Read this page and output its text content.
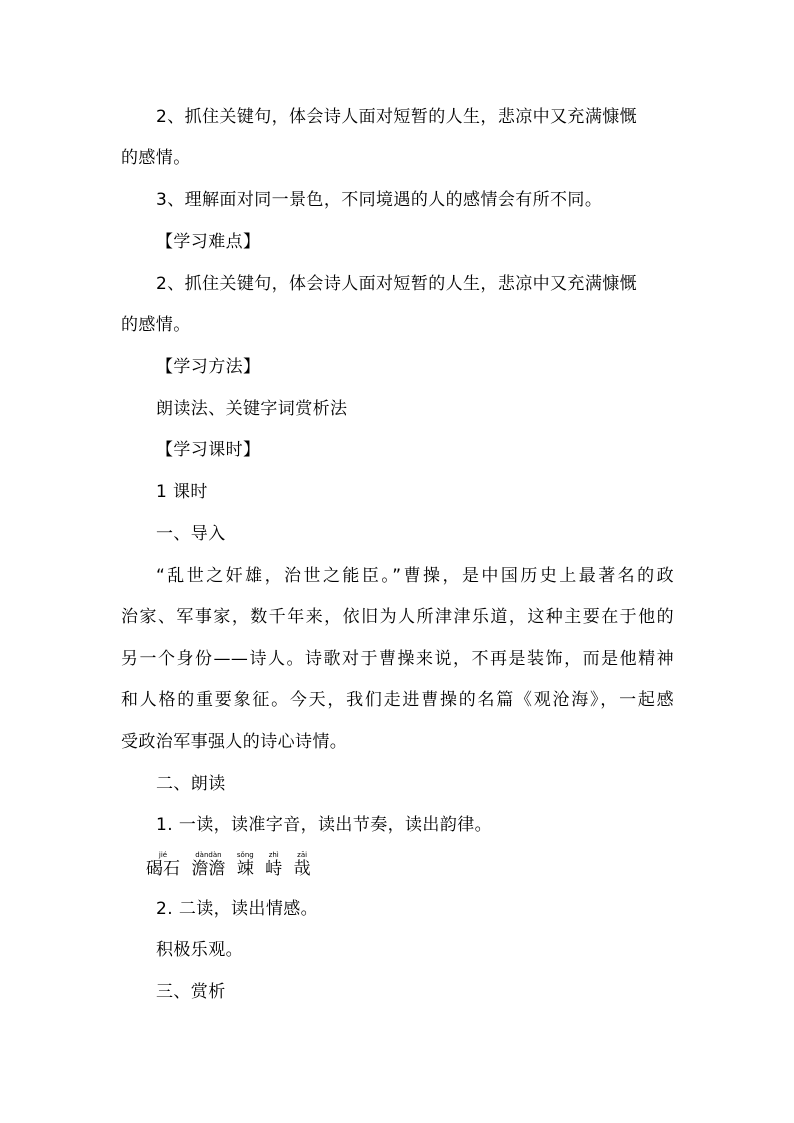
2、抓住关键句，体会诗人面对短暂的人生，悲凉中又充满慷慨
的感情。
3、理解面对同一景色，不同境遇的人的感情会有所不同。
【学习难点】
2、抓住关键句，体会诗人面对短暂的人生，悲凉中又充满慷慨
的感情。
【学习方法】
朗读法、关键字词赏析法
【学习课时】
1 课时
一、导入
“乱世之奸雄，治世之能臣。”曹操，是中国历史上最著名的政
治家、军事家，数千年来，依旧为人所津津乐道，这种主要在于他的
另一个身份——诗人。诗歌对于曹操来说，不再是装饰，而是他精神
和人格的重要象征。今天，我们走进曹操的名篇《观沧海》，一起感
受政治军事强人的诗心诗情。
二、朗读
1. 一读，读准字音，读出节奏，读出韵律。
碣石jié 澹澹dàndàn 竦sǒng 峙zhì 哉zāi
2. 二读，读出情感。
积极乐观。
三、赏析
